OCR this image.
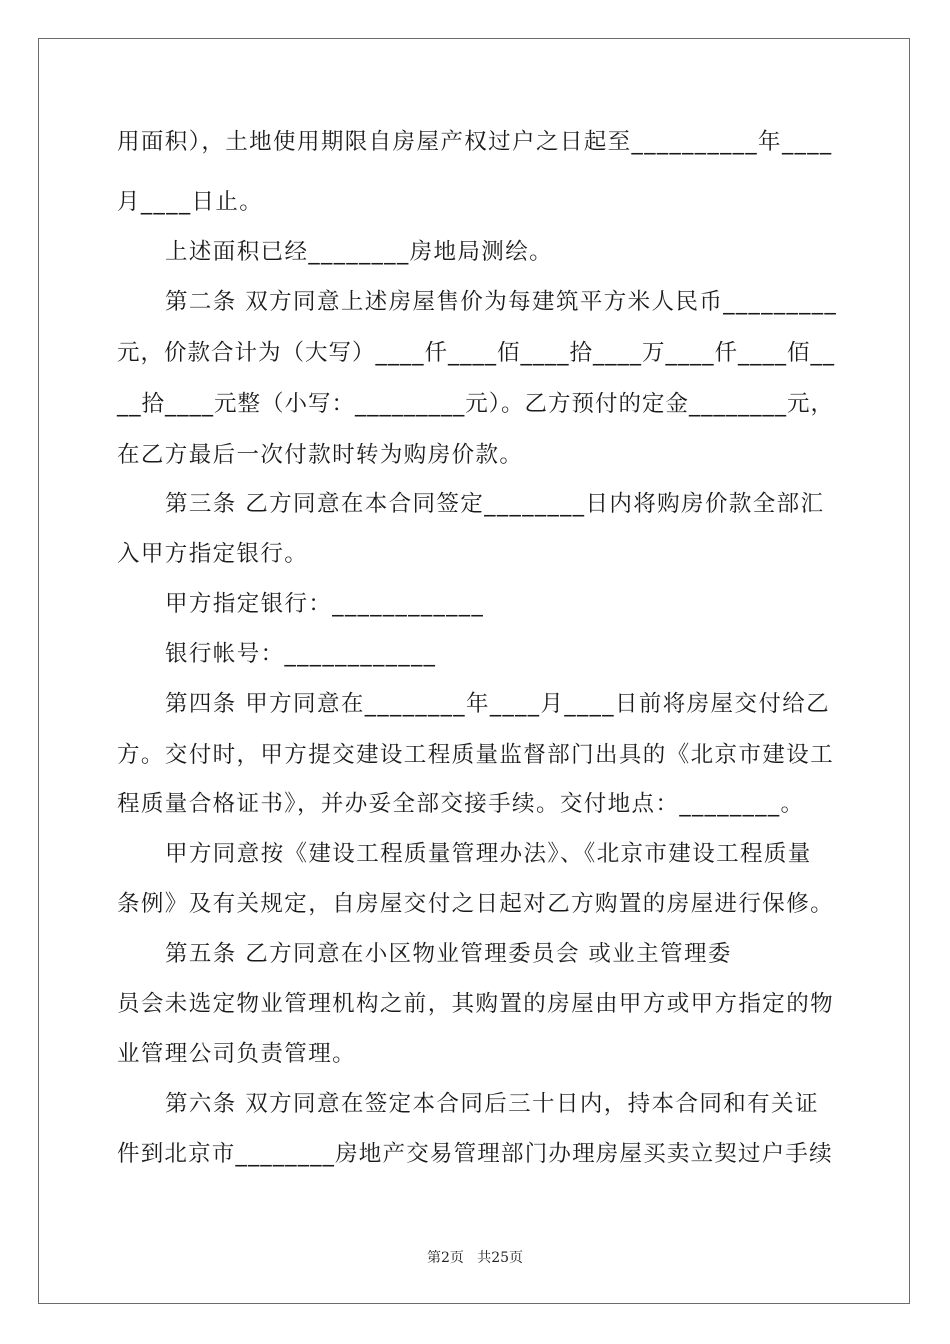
用面积），土地使用期限自房屋产权过户之日起至__________年____
月____日止。
上述面积已经________房地局测绘。
第二条 双方同意上述房屋售价为每建筑平方米人民币_________
元，价款合计为（大写）____仟____佰____拾____万____仟____佰__
__拾____元整（小写：_________元）。乙方预付的定金________元，
在乙方最后一次付款时转为购房价款。
第三条 乙方同意在本合同签定________日内将购房价款全部汇
入甲方指定银行。
甲方指定银行：____________
银行帐号：____________
第四条 甲方同意在________年____月____日前将房屋交付给乙
方。交付时，甲方提交建设工程质量监督部门出具的《北京市建设工
程质量合格证书》，并办妥全部交接手续。交付地点：________。
甲方同意按《建设工程质量管理办法》、《北京市建设工程质量
条例》及有关规定，自房屋交付之日起对乙方购置的房屋进行保修。
第五条 乙方同意在小区物业管理委员会 或业主管理委
员会未选定物业管理机构之前，其购置的房屋由甲方或甲方指定的物
业管理公司负责管理。
第六条 双方同意在签定本合同后三十日内，持本合同和有关证
件到北京市________房地产交易管理部门办理房屋买卖立契过户手续
第2页   共25页
